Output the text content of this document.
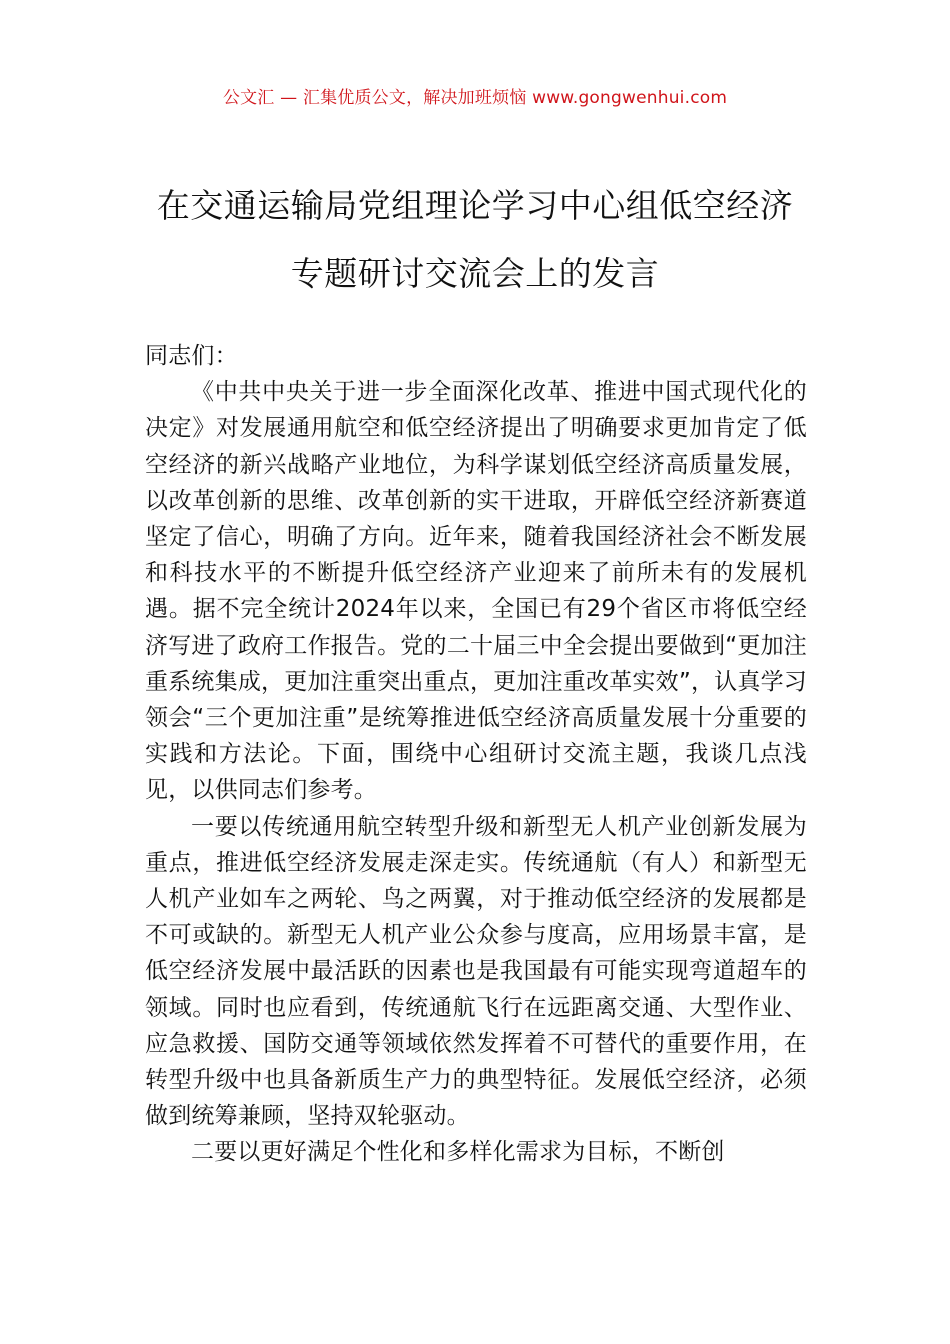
公文汇 — 汇集优质公文，解决加班烦恼 www.gongwenhui.com
在交通运输局党组理论学习中心组低空经济专题研讨交流会上的发言

同志们：

《中共中央关于进一步全面深化改革、推进中国式现代化的决定》对发展通用航空和低空经济提出了明确要求更加肯定了低空经济的新兴战略产业地位，为科学谋划低空经济高质量发展，以改革创新的思维、改革创新的实干进取，开辟低空经济新赛道坚定了信心，明确了方向。近年来，随着我国经济社会不断发展和科技水平的不断提升低空经济产业迎来了前所未有的发展机遇。据不完全统计2024年以来，全国已有29个省区市将低空经济写进了政府工作报告。党的二十届三中全会提出要做到“更加注重系统集成，更加注重突出重点，更加注重改革实效”，认真学习领会“三个更加注重”是统筹推进低空经济高质量发展十分重要的实践和方法论。下面，围绕中心组研讨交流主题，我谈几点浅见，以供同志们参考。

一要以传统通用航空转型升级和新型无人机产业创新发展为重点，推进低空经济发展走深走实。传统通航（有人）和新型无人机产业如车之两轮、鸟之两翼，对于推动低空经济的发展都是不可或缺的。新型无人机产业公众参与度高，应用场景丰富，是低空经济发展中最活跃的因素也是我国最有可能实现弯道超车的领域。同时也应看到，传统通航飞行在远距离交通、大型作业、应急救援、国防交通等领域依然发挥着不可替代的重要作用，在转型升级中也具备新质生产力的典型特征。发展低空经济，必须做到统筹兼顾，坚持双轮驱动。

二要以更好满足个性化和多样化需求为目标，不断创
